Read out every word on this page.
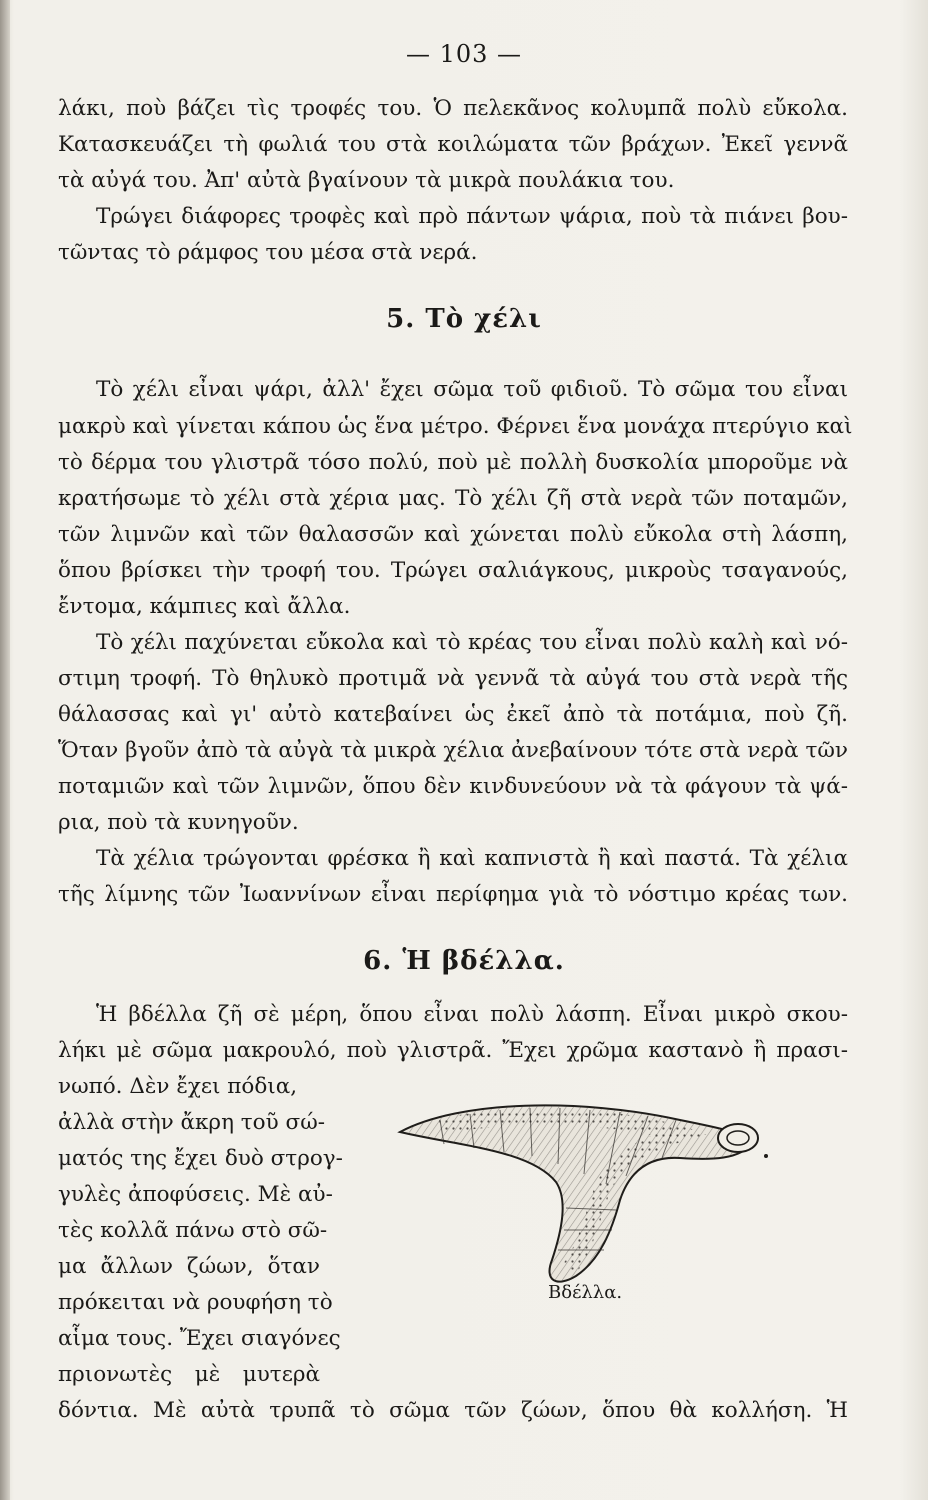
— 103 —
λάκι, ποὺ βάζει τὶς τροφές του. Ὁ πελεκᾶνος κολυμπᾶ πολὺ εὔκολα.
Κατασκευάζει τὴ φωλιά του στὰ κοιλώματα τῶν βράχων. Ἐκεῖ γεννᾶ
τὰ αὐγά του. Ἀπ' αὐτὰ βγαίνουν τὰ μικρὰ πουλάκια του.
Τρώγει διάφορες τροφὲς καὶ πρὸ πάντων ψάρια, ποὺ τὰ πιάνει βου-
τῶντας τὸ ράμφος του μέσα στὰ νερά.
5. Τὸ χέλι
Τὸ χέλι εἶναι ψάρι, ἀλλ' ἔχει σῶμα τοῦ φιδιοῦ. Τὸ σῶμα του εἶναι
μακρὺ καὶ γίνεται κάπου ὡς ἕνα μέτρο. Φέρνει ἕνα μονάχα πτερύγιο καὶ
τὸ δέρμα του γλιστρᾶ τόσο πολύ, ποὺ μὲ πολλὴ δυσκολία μποροῦμε νὰ
κρατήσωμε τὸ χέλι στὰ χέρια μας. Τὸ χέλι ζῆ στὰ νερὰ τῶν ποταμῶν,
τῶν λιμνῶν καὶ τῶν θαλασσῶν καὶ χώνεται πολὺ εὔκολα στὴ λάσπη,
ὅπου βρίσκει τὴν τροφή του. Τρώγει σαλιάγκους, μικροὺς τσαγανούς,
ἔντομα, κάμπιες καὶ ἄλλα.
Τὸ χέλι παχύνεται εὔκολα καὶ τὸ κρέας του εἶναι πολὺ καλὴ καὶ νό-
στιμη τροφή. Τὸ θηλυκὸ προτιμᾶ νὰ γεννᾶ τὰ αὐγά του στὰ νερὰ τῆς
θάλασσας καὶ γι' αὐτὸ κατεβαίνει ὡς ἐκεῖ ἀπὸ τὰ ποτάμια, ποὺ ζῆ.
Ὅταν βγοῦν ἀπὸ τὰ αὐγὰ τὰ μικρὰ χέλια ἀνεβαίνουν τότε στὰ νερὰ τῶν
ποταμιῶν καὶ τῶν λιμνῶν, ὅπου δὲν κινδυνεύουν νὰ τὰ φάγουν τὰ ψά-
ρια, ποὺ τὰ κυνηγοῦν.
Τὰ χέλια τρώγονται φρέσκα ἢ καὶ καπνιστὰ ἢ καὶ παστά. Τὰ χέλια
τῆς λίμνης τῶν Ἰωαννίνων εἶναι περίφημα γιὰ τὸ νόστιμο κρέας των.
6. Ἡ βδέλλα.
Ἡ βδέλλα ζῆ σὲ μέρη, ὅπου εἶναι πολὺ λάσπη. Εἶναι μικρὸ σκου-
λήκι μὲ σῶμα μακρουλό, ποὺ γλιστρᾶ. Ἔχει χρῶμα καστανὸ ἢ πρασι-
νωπό. Δὲν ἔχει πόδια,
ἀλλὰ στὴν ἄκρη τοῦ σώ-
ματός της ἔχει δυὸ στρογ-
γυλὲς ἀποφύσεις. Μὲ αὐ-
τὲς κολλᾶ πάνω στὸ σῶ-
μα ἄλλων ζώων, ὅταν
πρόκειται νὰ ρουφήση τὸ
αἷμα τους. Ἔχει σιαγόνες
πριονωτὲς μὲ μυτερὰ
δόντια. Μὲ αὐτὰ τρυπᾶ τὸ σῶμα τῶν ζώων, ὅπου θὰ κολλήση. Ἡ
Βδέλλα.
